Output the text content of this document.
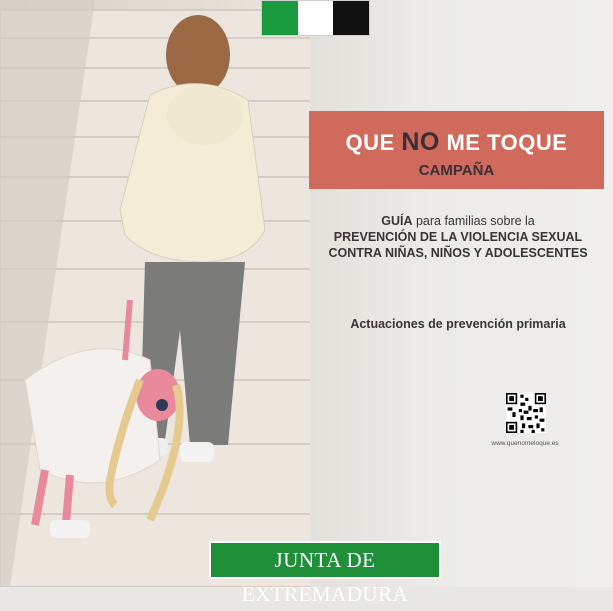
QUE NO ME TOQUE
CAMPAÑA
GUÍA para familias sobre la
PREVENCIÓN DE LA VIOLENCIA SEXUAL
CONTRA NIÑAS, NIÑOS Y ADOLESCENTES
Actuaciones de prevención primaria
www.quenomeloque.es
JUNTA DE EXTREMADURA
